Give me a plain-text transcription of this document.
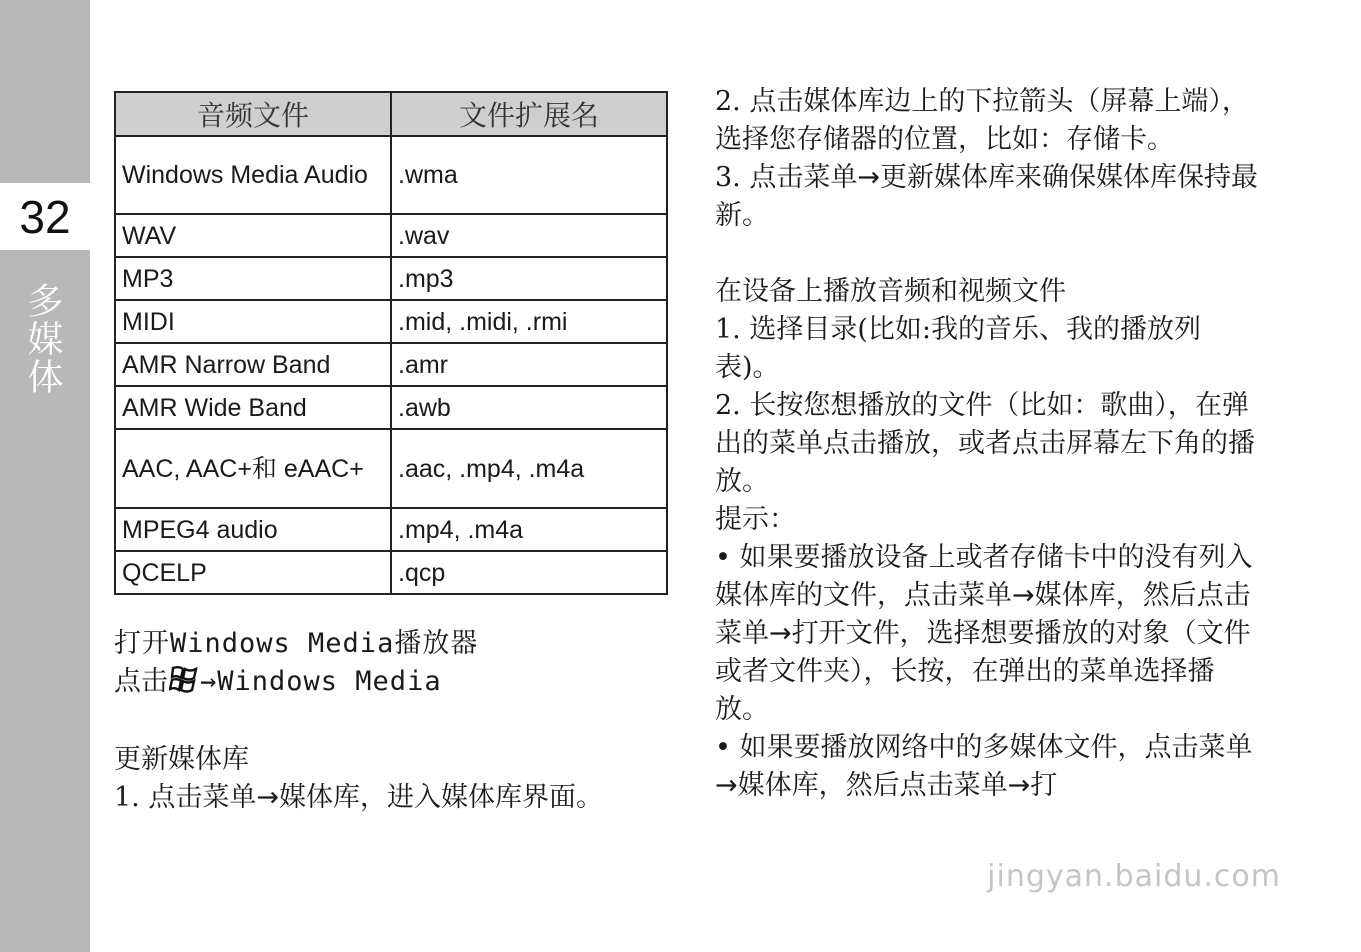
32
多媒体
音频文件	文件扩展名
Windows Media Audio	.wma
WAV	.wav
MP3	.mp3
MIDI	.mid, .midi, .rmi
AMR Narrow Band	.amr
AMR Wide Band	.awb
AAC, AAC+和 eAAC+	.aac, .mp4, .m4a
MPEG4 audio	.mp4, .m4a
QCELP	.qcp

打开Windows Media播放器

点击 →Windows Media

更新媒体库

1. 点击菜单→媒体库，进入媒体库界面。

2. 点击媒体库边上的下拉箭头（屏幕上端），选择您存储器的位置，比如：存储卡。

3. 点击菜单→更新媒体库来确保媒体库保持最新。

在设备上播放音频和视频文件

1. 选择目录(比如:我的音乐、我的播放列表)。

2. 长按您想播放的文件（比如：歌曲），在弹出的菜单点击播放，或者点击屏幕左下角的播放。

提示：

• 如果要播放设备上或者存储卡中的没有列入媒体库的文件，点击菜单→媒体库，然后点击菜单→打开文件，选择想要播放的对象（文件或者文件夹），长按，在弹出的菜单选择播放。

• 如果要播放网络中的多媒体文件，点击菜单→媒体库，然后点击菜单→打

jingyan.baidu.com
